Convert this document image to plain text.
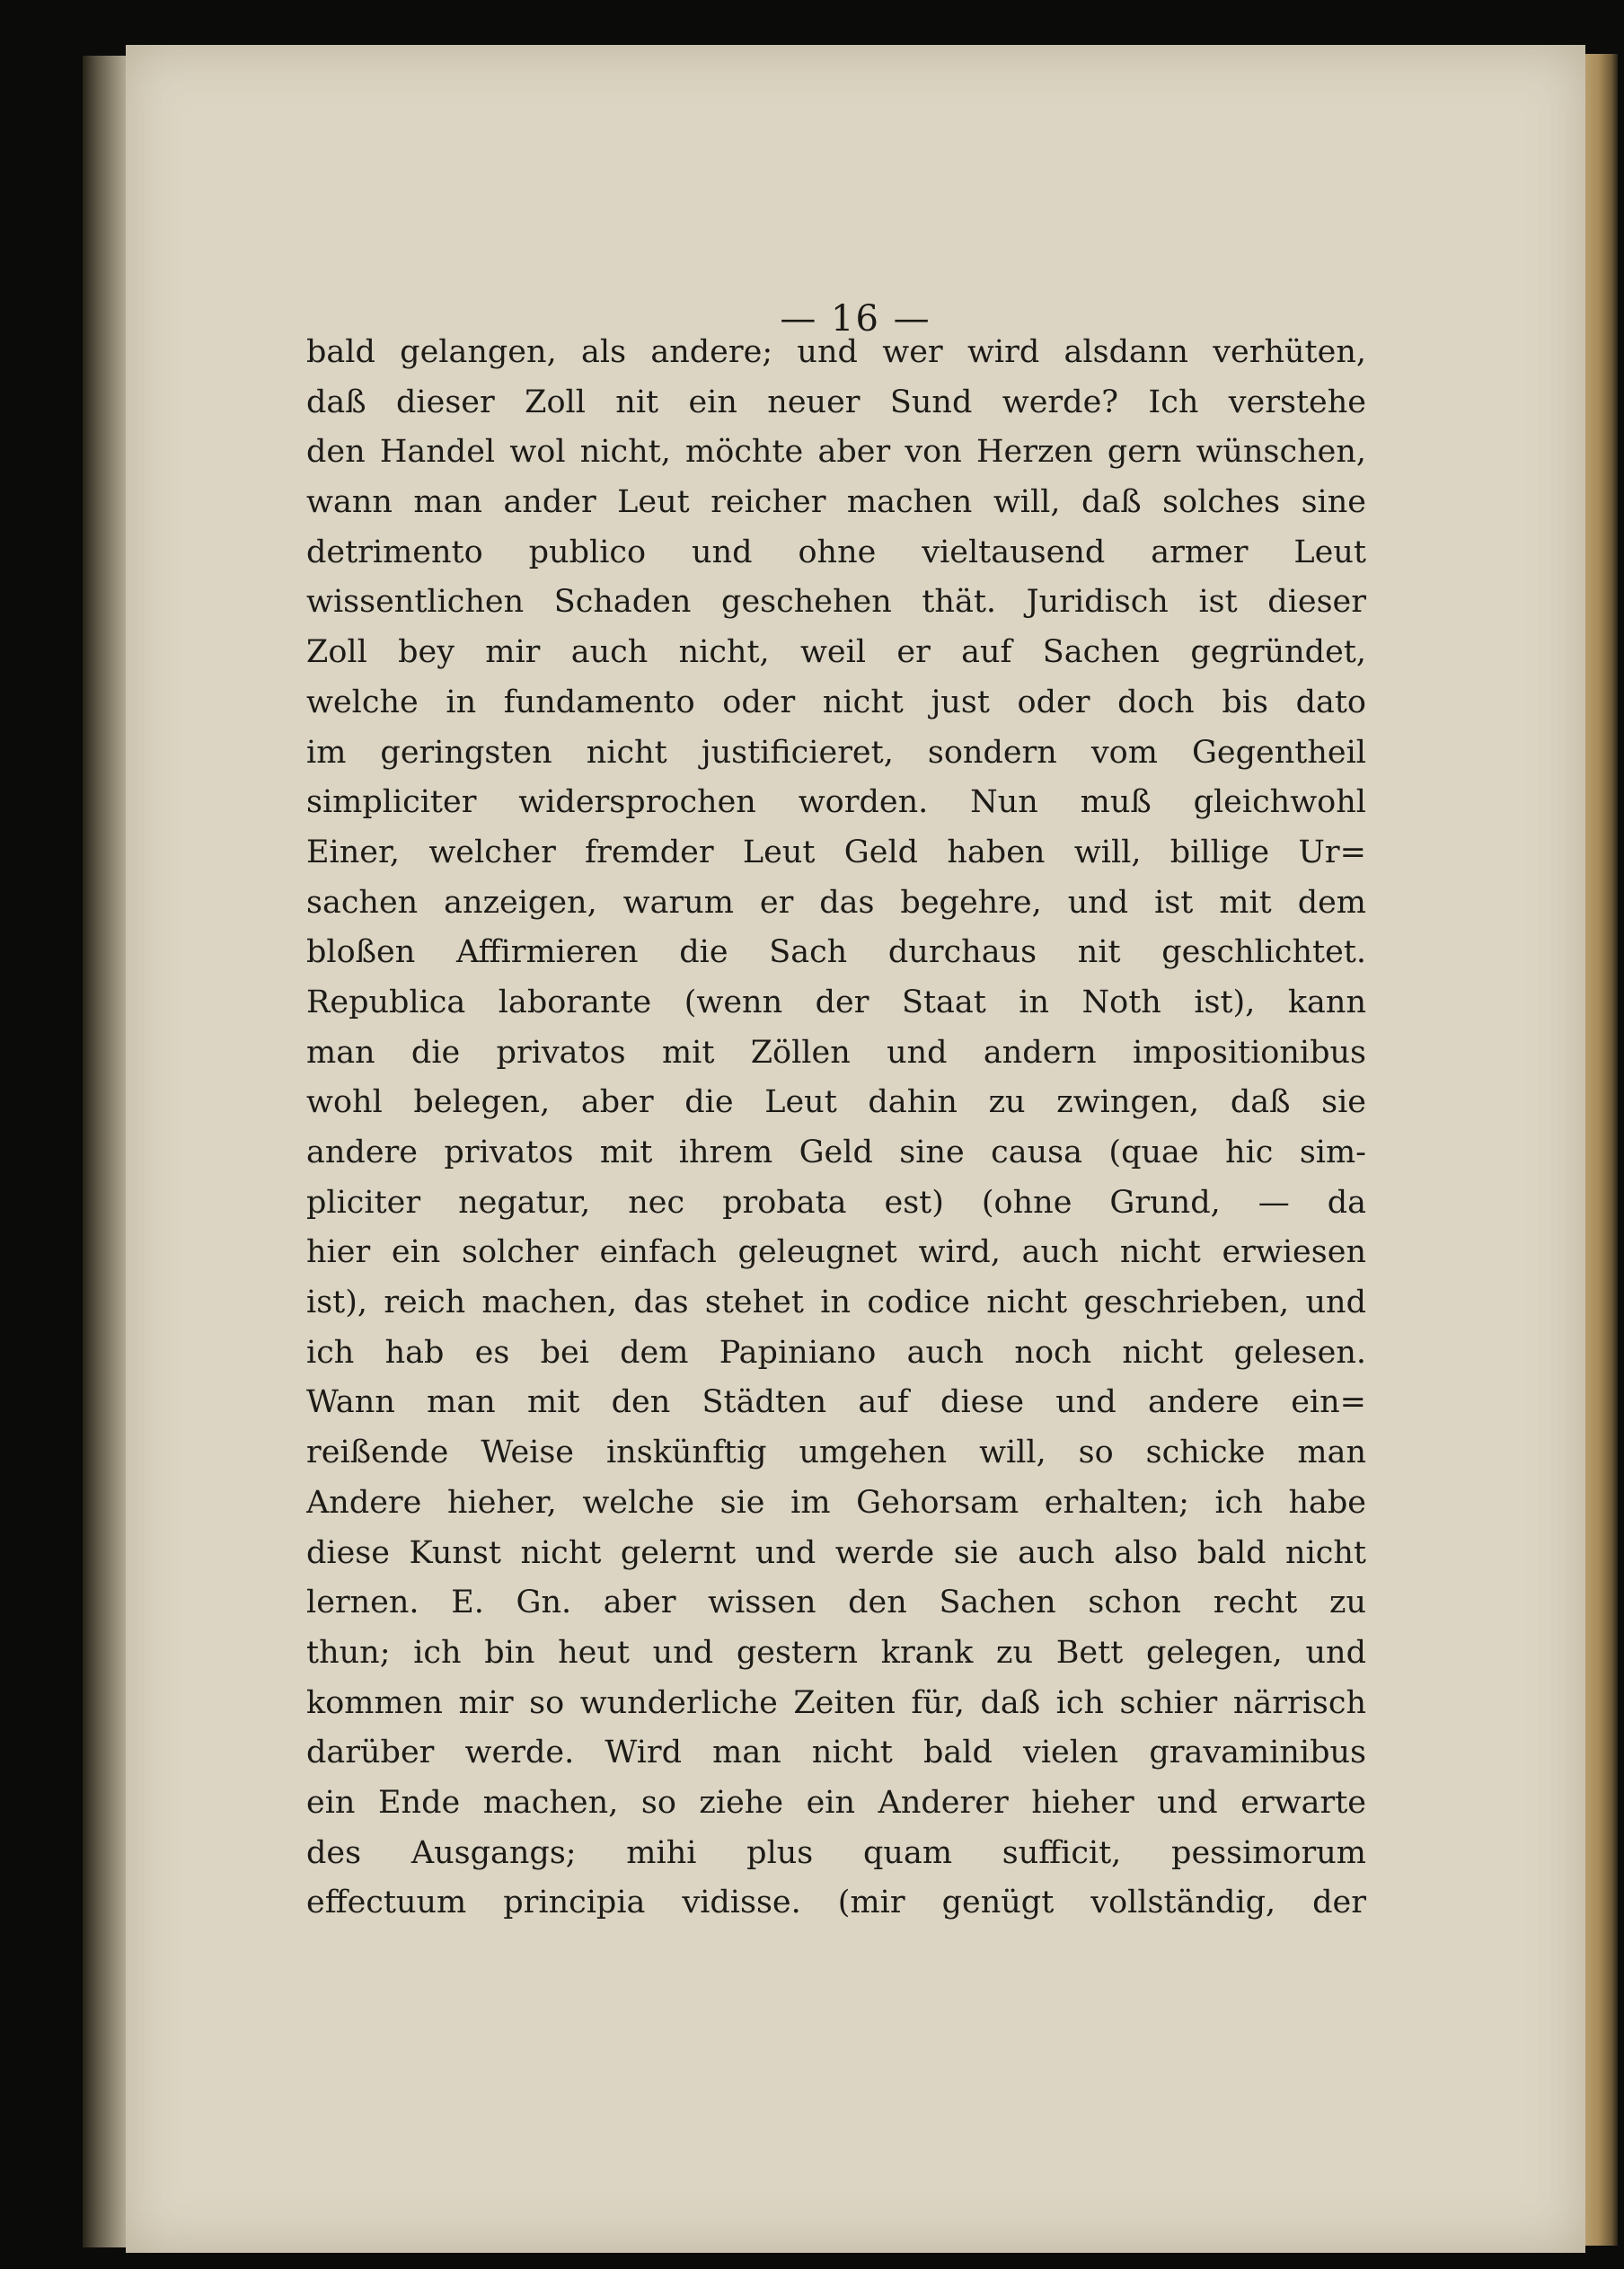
— 16 —
bald gelangen, als andere; und wer wird alsdann verhüten,
daß dieser Zoll nit ein neuer Sund werde? Ich verstehe
den Handel wol nicht, möchte aber von Herzen gern wünschen,
wann man ander Leut reicher machen will, daß solches sine
detrimento publico und ohne vieltausend armer Leut
wissentlichen Schaden geschehen thät. Juridisch ist dieser
Zoll bey mir auch nicht, weil er auf Sachen gegründet,
welche in fundamento oder nicht just oder doch bis dato
im geringsten nicht justificieret, sondern vom Gegentheil
simpliciter widersprochen worden. Nun muß gleichwohl
Einer, welcher fremder Leut Geld haben will, billige Ur=
sachen anzeigen, warum er das begehre, und ist mit dem
bloßen Affirmieren die Sach durchaus nit geschlichtet.
Republica laborante (wenn der Staat in Noth ist), kann
man die privatos mit Zöllen und andern impositionibus
wohl belegen, aber die Leut dahin zu zwingen, daß sie
andere privatos mit ihrem Geld sine causa (quae hic sim-
pliciter negatur, nec probata est) (ohne Grund, — da
hier ein solcher einfach geleugnet wird, auch nicht erwiesen
ist), reich machen, das stehet in codice nicht geschrieben, und
ich hab es bei dem Papiniano auch noch nicht gelesen.
Wann man mit den Städten auf diese und andere ein=
reißende Weise inskünftig umgehen will, so schicke man
Andere hieher, welche sie im Gehorsam erhalten; ich habe
diese Kunst nicht gelernt und werde sie auch also bald nicht
lernen. E. Gn. aber wissen den Sachen schon recht zu
thun; ich bin heut und gestern krank zu Bett gelegen, und
kommen mir so wunderliche Zeiten für, daß ich schier närrisch
darüber werde. Wird man nicht bald vielen gravaminibus
ein Ende machen, so ziehe ein Anderer hieher und erwarte
des Ausgangs; mihi plus quam sufficit, pessimorum
effectuum principia vidisse. (mir genügt vollständig, der
